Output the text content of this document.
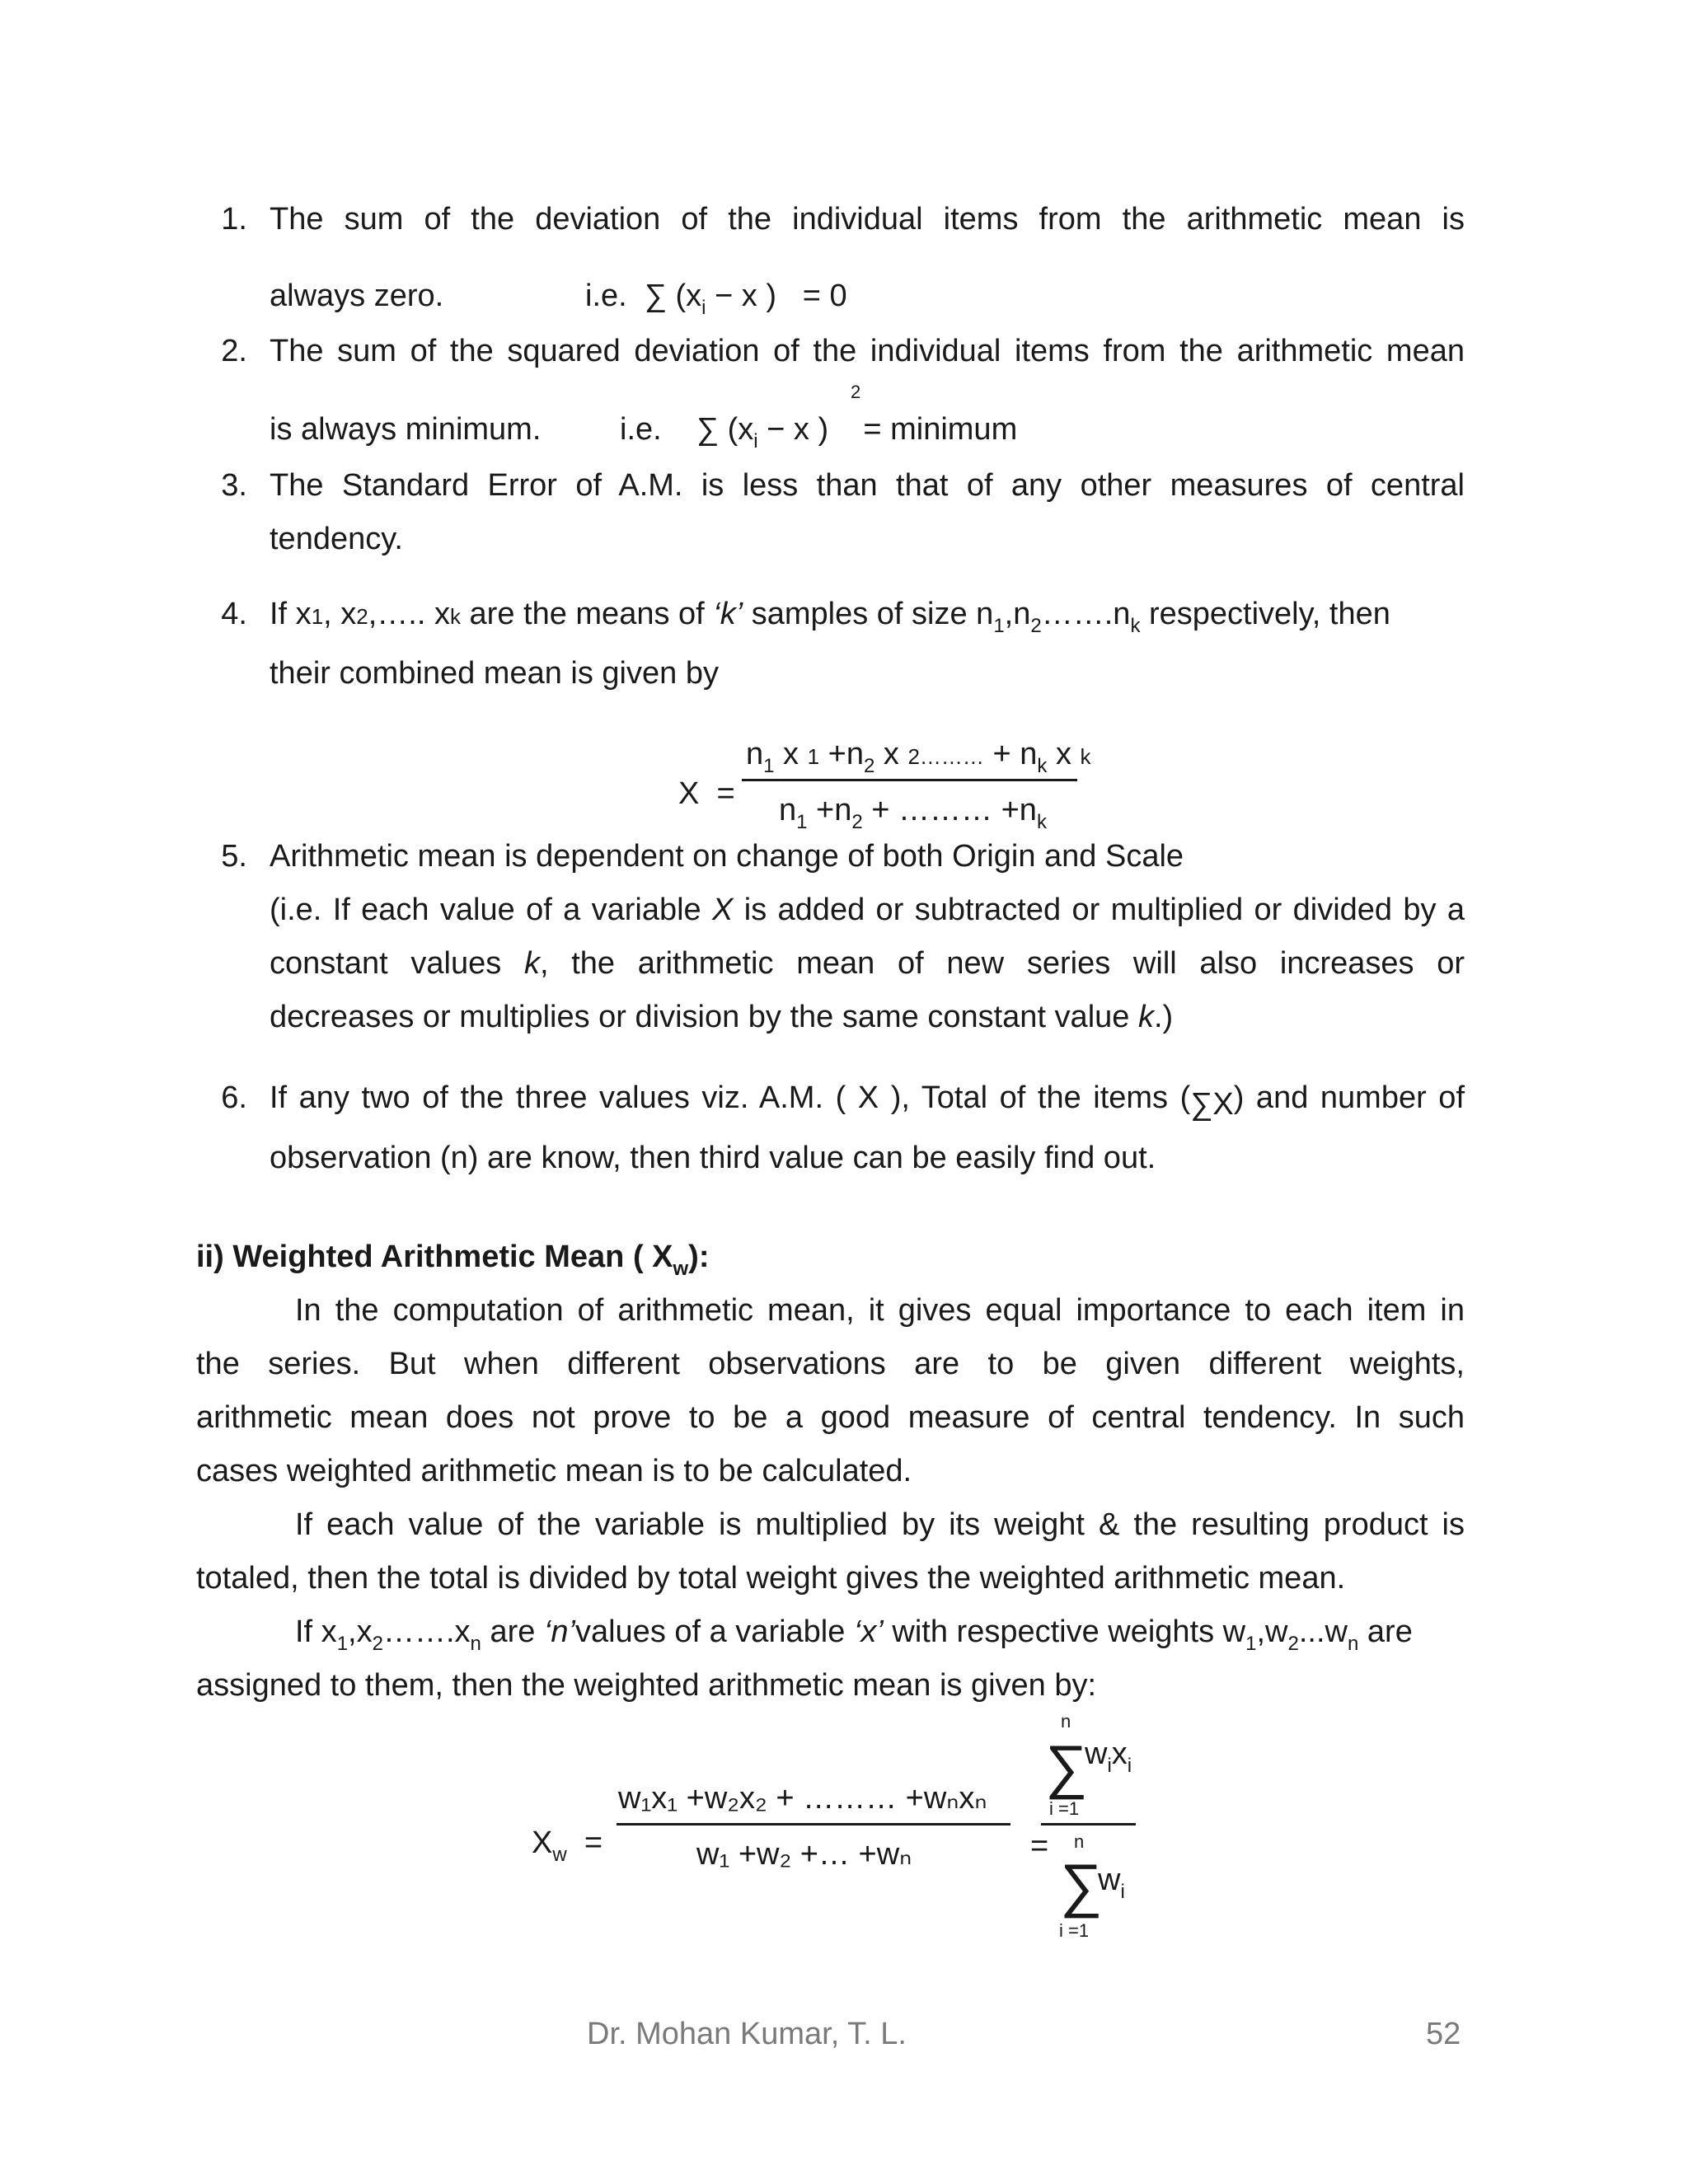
1. The sum of the deviation of the individual items from the arithmetic mean is
always zero.	i.e. ∑ ($x_i - x$ ) = 0
2. The sum of the squared deviation of the individual items from the arithmetic mean
2
is always minimum.	i.e. ∑ ($x_i - x$ ) = minimum
3. The Standard Error of A.M. is less than that of any other measures of central
tendency.
4. If x1, x2,….. xk are the means of ‘k’ samples of size $n_1,n_2\dots\dots.n_k$ respectively, then
their combined mean is given by
X =
$n_1$ x $1 +n_2$ x 2……… + $n_k$ x k
$n_1 +n_2$ + ……… $+n_k$
5. Arithmetic mean is dependent on change of both Origin and Scale
(i.e. If each value of a variable X is added or subtracted or multiplied or divided by a
constant values k, the arithmetic mean of new series will also increases or
decreases or multiplies or division by the same constant value k.)
6. If any two of the three values viz. A.M. ( X ), Total of the items (∑X) and number of
observation (n) are know, then third value can be easily find out.
ii) Weighted Arithmetic Mean ( $X_w$):
In the computation of arithmetic mean, it gives equal importance to each item in
the series. But when different observations are to be given different weights,
arithmetic mean does not prove to be a good measure of central tendency. In such
cases weighted arithmetic mean is to be calculated.
If each value of the variable is multiplied by its weight & the resulting product is
totaled, then the total is divided by total weight gives the weighted arithmetic mean.
If $x_1,x_2\dots\dots.x_n$ are ‘n’values of a variable ‘x’ with respective weights $w_1,w_2...w_n$ are
assigned to them, then the weighted arithmetic mean is given by:
$X_w$ =
w₁x₁ +w₂x₂ + ……… +wₙxₙ
w₁ +w₂ +… +wₙ	=
n
∑
$w_ix_i$
i =1
n
∑
$w_i$
i =1
Dr. Mohan Kumar, T. L.	52
